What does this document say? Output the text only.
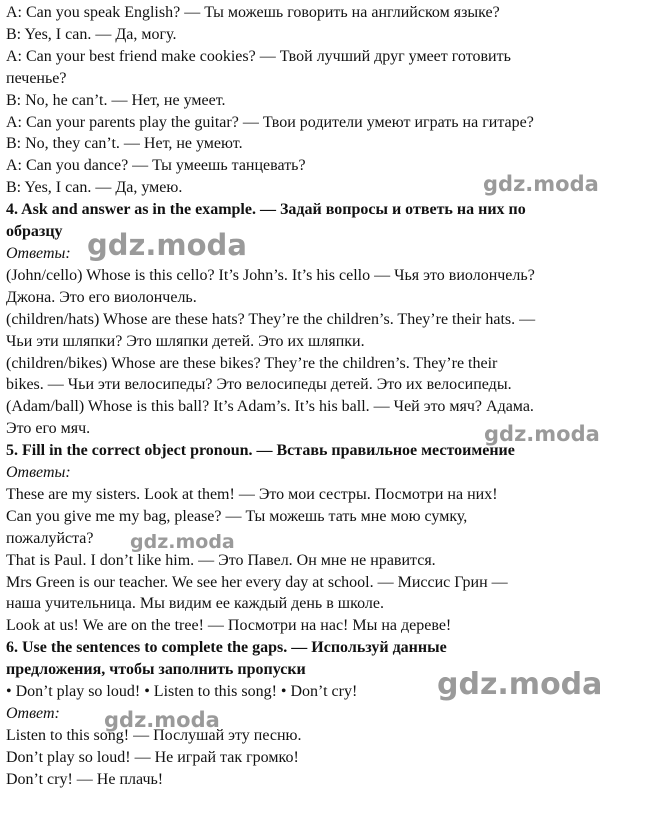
A: Can you speak English? — Ты можешь говорить на английском языке?
B: Yes, I can. — Да, могу.
A: Can your best friend make cookies? — Твой лучший друг умеет готовить
печенье?
B: No, he can’t. — Нет, не умеет.
A: Can your parents play the guitar? — Твои родители умеют играть на гитаре?
B: No, they can’t. — Нет, не умеют.
A: Can you dance? — Ты умеешь танцевать?
B: Yes, I can. — Да, умею.
4. Ask and answer as in the example. — Задай вопросы и ответь на них по
образцу
Ответы:
(John/cello) Whose is this cello? It’s John’s. It’s his cello — Чья это виолончель?
Джона. Это его виолончель.
(children/hats) Whose are these hats? They’re the children’s. They’re their hats. —
Чьи эти шляпки? Это шляпки детей. Это их шляпки.
(children/bikes) Whose are these bikes? They’re the children’s. They’re their
bikes. — Чьи эти велосипеды? Это велосипеды детей. Это их велосипеды.
(Adam/ball) Whose is this ball? It’s Adam’s. It’s his ball. — Чей это мяч? Адама.
Это его мяч.
5. Fill in the correct object pronoun. — Вставь правильное местоимение
Ответы:
These are my sisters. Look at them! — Это мои сестры. Посмотри на них!
Can you give me my bag, please? — Ты можешь тать мне мою сумку,
пожалуйста?
That is Paul. I don’t like him. — Это Павел. Он мне не нравится.
Mrs Green is our teacher. We see her every day at school. — Миссис Грин —
наша учительница. Мы видим ее каждый день в школе.
Look at us! We are on the tree! — Посмотри на нас! Мы на дереве!
6. Use the sentences to complete the gaps. — Используй данные
предложения, чтобы заполнить пропуски
• Don’t play so loud! • Listen to this song! • Don’t cry!
Ответ:
Listen to this song! — Послушай эту песню.
Don’t play so loud! — Не играй так громко!
Don’t cry! — Не плачь!
gdz.moda
gdz.moda
gdz.moda
gdz.moda
gdz.moda
gdz.moda
